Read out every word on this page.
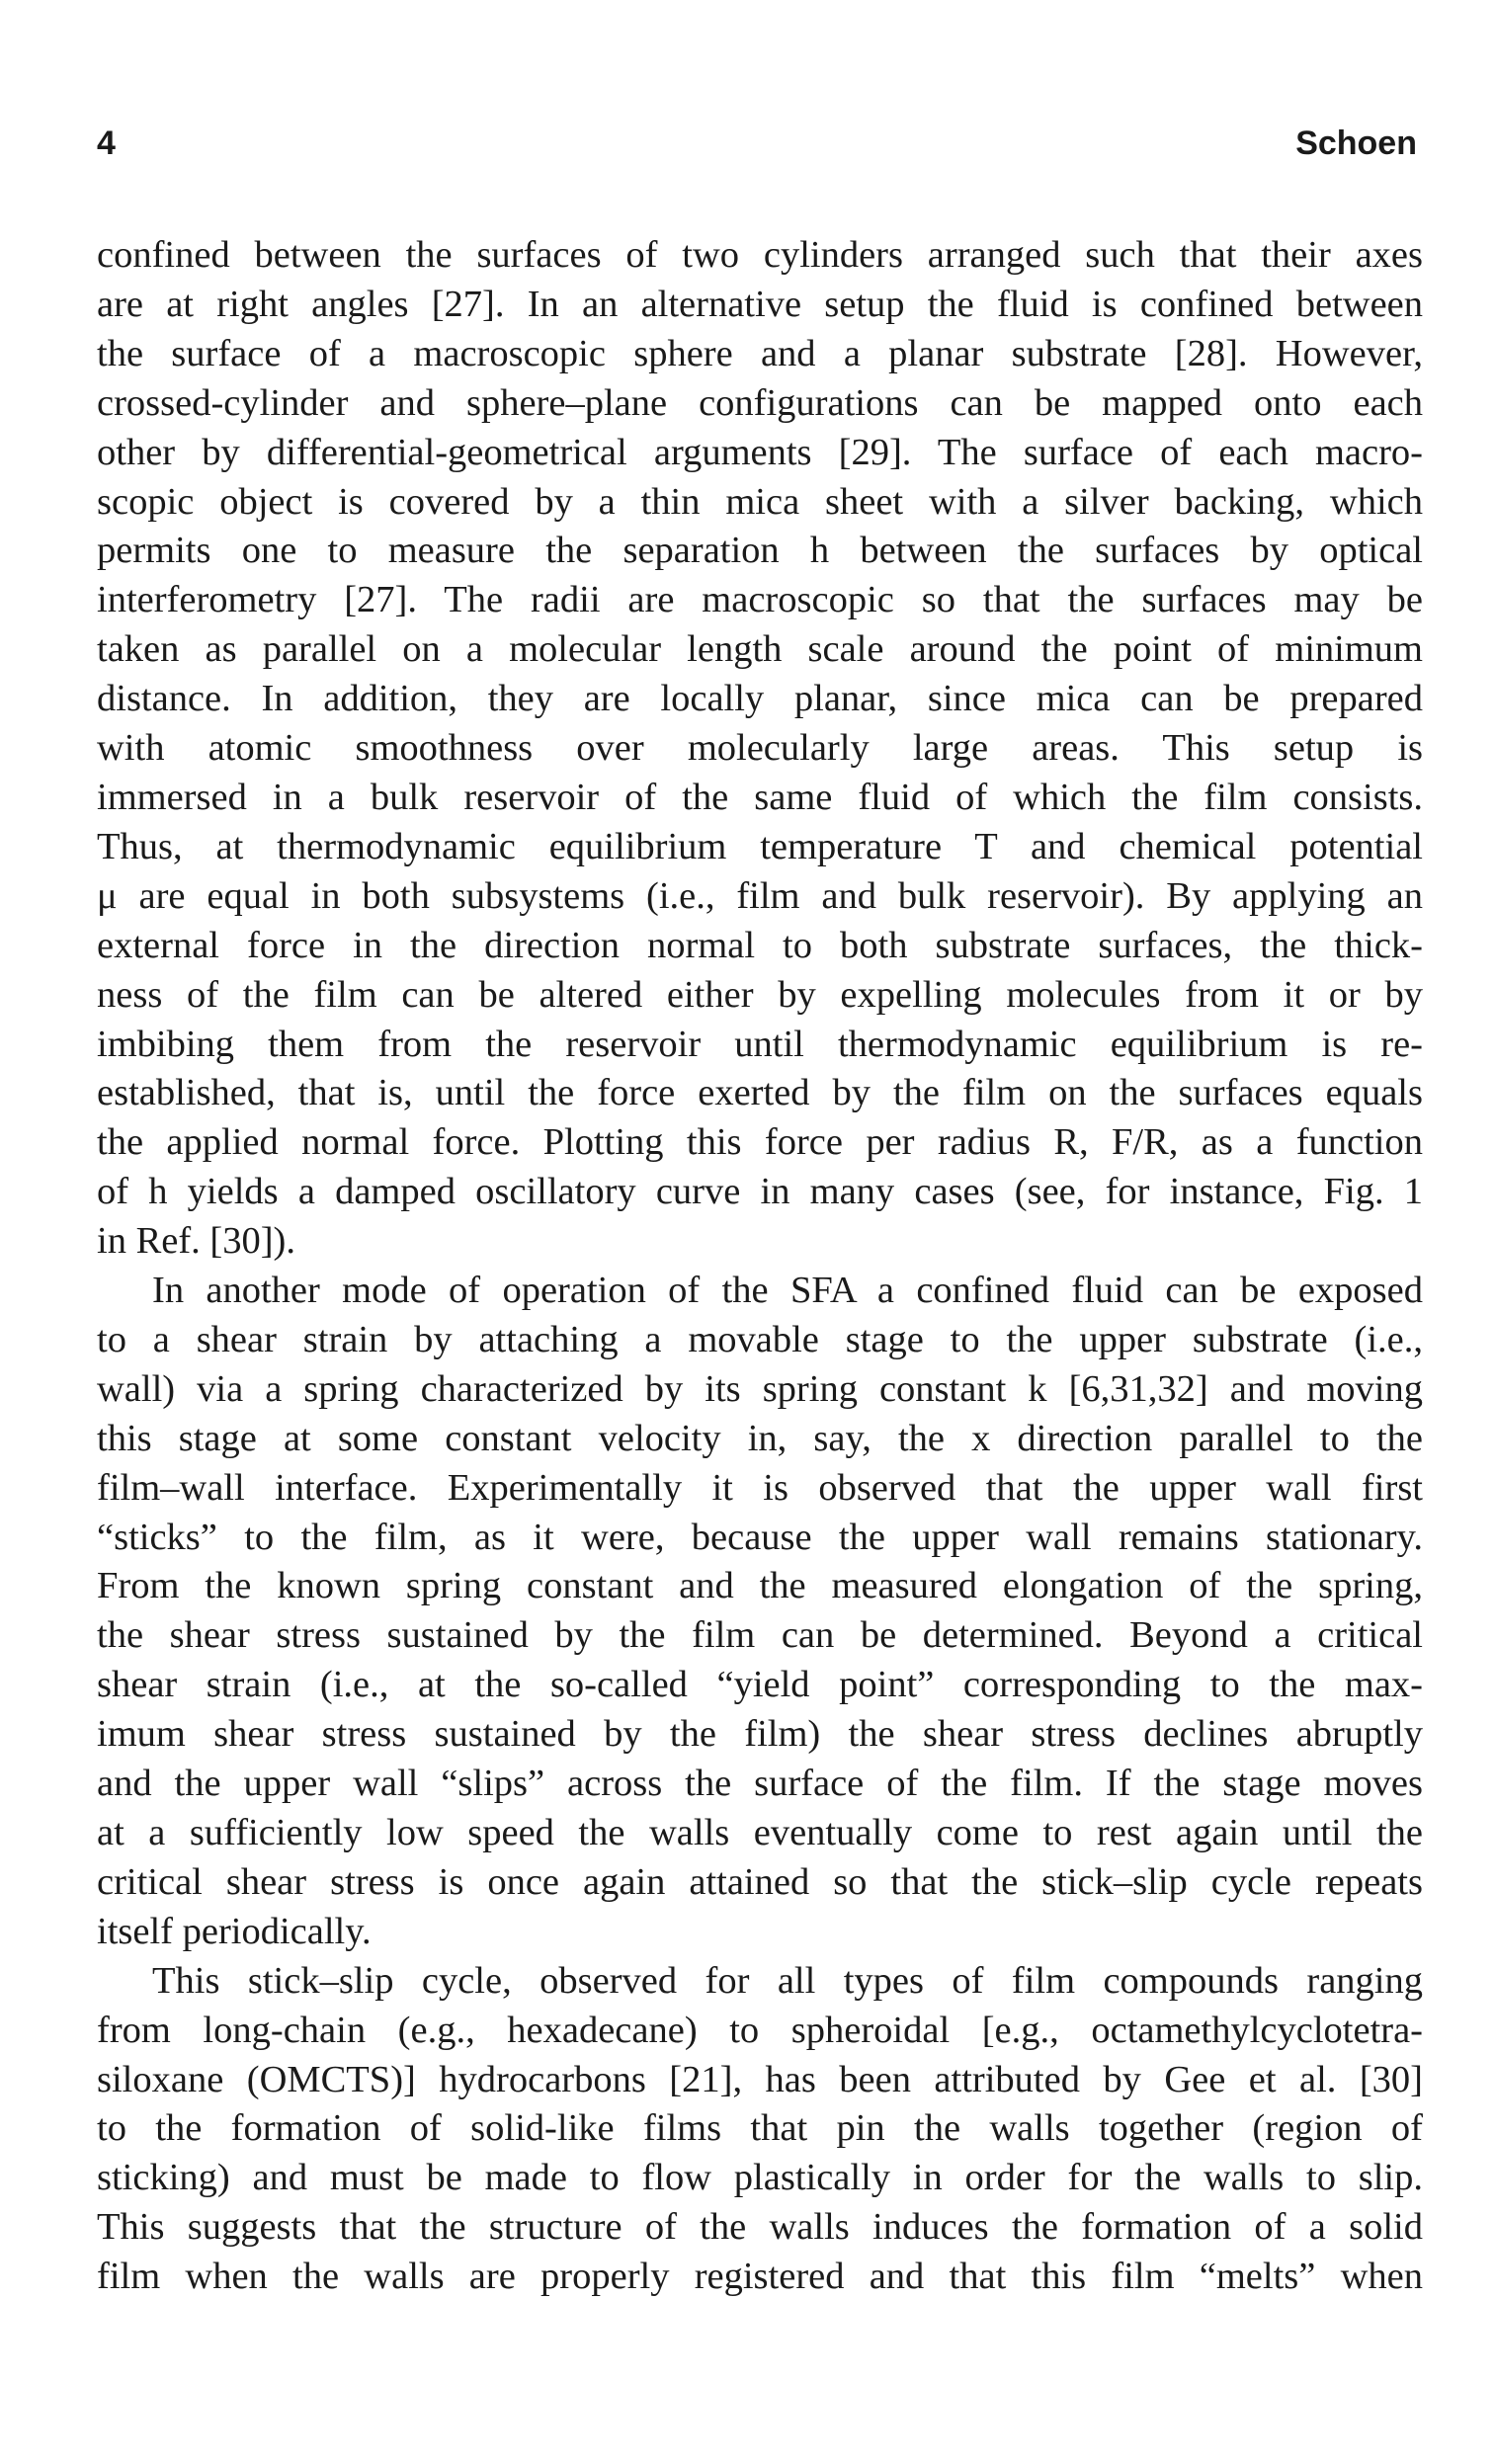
4	Schoen
confined between the surfaces of two cylinders arranged such that their axes
are at right angles [27]. In an alternative setup the fluid is confined between
the surface of a macroscopic sphere and a planar substrate [28]. However,
crossed-cylinder and sphere–plane configurations can be mapped onto each
other by differential-geometrical arguments [29]. The surface of each macro-
scopic object is covered by a thin mica sheet with a silver backing, which
permits one to measure the separation h between the surfaces by optical
interferometry [27]. The radii are macroscopic so that the surfaces may be
taken as parallel on a molecular length scale around the point of minimum
distance. In addition, they are locally planar, since mica can be prepared
with atomic smoothness over molecularly large areas. This setup is
immersed in a bulk reservoir of the same fluid of which the film consists.
Thus, at thermodynamic equilibrium temperature T and chemical potential
μ are equal in both subsystems (i.e., film and bulk reservoir). By applying an
external force in the direction normal to both substrate surfaces, the thick-
ness of the film can be altered either by expelling molecules from it or by
imbibing them from the reservoir until thermodynamic equilibrium is re-
established, that is, until the force exerted by the film on the surfaces equals
the applied normal force. Plotting this force per radius R, F/R, as a function
of h yields a damped oscillatory curve in many cases (see, for instance, Fig. 1
in Ref. [30]).
In another mode of operation of the SFA a confined fluid can be exposed
to a shear strain by attaching a movable stage to the upper substrate (i.e.,
wall) via a spring characterized by its spring constant k [6,31,32] and moving
this stage at some constant velocity in, say, the x direction parallel to the
film–wall interface. Experimentally it is observed that the upper wall first
“sticks” to the film, as it were, because the upper wall remains stationary.
From the known spring constant and the measured elongation of the spring,
the shear stress sustained by the film can be determined. Beyond a critical
shear strain (i.e., at the so-called “yield point” corresponding to the max-
imum shear stress sustained by the film) the shear stress declines abruptly
and the upper wall “slips” across the surface of the film. If the stage moves
at a sufficiently low speed the walls eventually come to rest again until the
critical shear stress is once again attained so that the stick–slip cycle repeats
itself periodically.
This stick–slip cycle, observed for all types of film compounds ranging
from long-chain (e.g., hexadecane) to spheroidal [e.g., octamethylcyclotetra-
siloxane (OMCTS)] hydrocarbons [21], has been attributed by Gee et al. [30]
to the formation of solid-like films that pin the walls together (region of
sticking) and must be made to flow plastically in order for the walls to slip.
This suggests that the structure of the walls induces the formation of a solid
film when the walls are properly registered and that this film “melts” when
